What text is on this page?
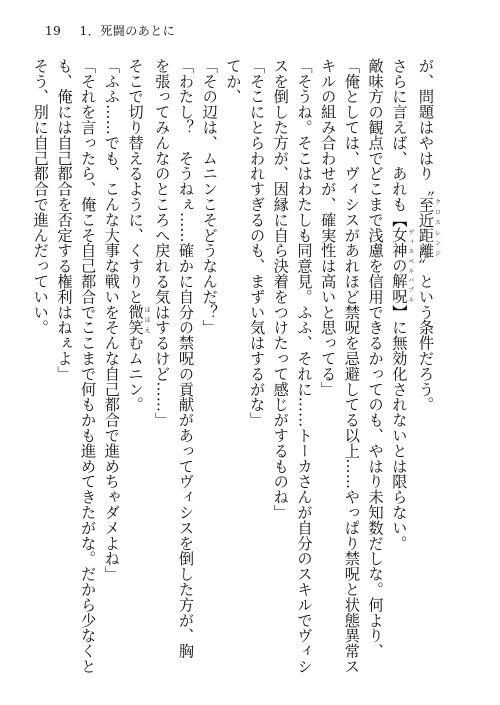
19 1．死闘のあとに
が、問題はやはり〝至近距離クロスレンジ〟という条件だろう。
さらに言えば、あれも【女神の解呪ディスペルバブル】に無効化されないとは限らない。
敵味方の観点でどこまで浅慮を信用できるかってのも、やはり未知数だしな。何より、
「俺としては、ヴィシスがあれほど禁呪を忌避してる以上……やっぱり禁呪と状態異常ス
キルの組み合わせが、確実性は高いと思ってる」
「そうね。そこはわたしも同意見。ふふ、それに……トーカさんが自分のスキルでヴィシ
スを倒した方が、因縁に自ら決着をつけたって感じがするものね」
「そこにとらわれすぎるのも、まずい気はするがな」
てか、
「その辺は、ムニンこそどうなんだ？」
「わたし？　そうねぇ……確かに自分の禁呪の貢献があってヴィシスを倒した方が、胸
を張ってみんなのところへ戻れる気はするけど……」
そこで切り替えるように、くすりと微笑ほほえむムニン。
「ふふ……でも、こんな大事な戦いをそんな自己都合で進めちゃダメよね」
「それを言ったら、俺こそ自己都合でここまで何もかも進めてきたがな。だから少なくと
も、俺には自己都合を否定する権利はねぇよ」
そう、別に自己都合で進んだっていい。
